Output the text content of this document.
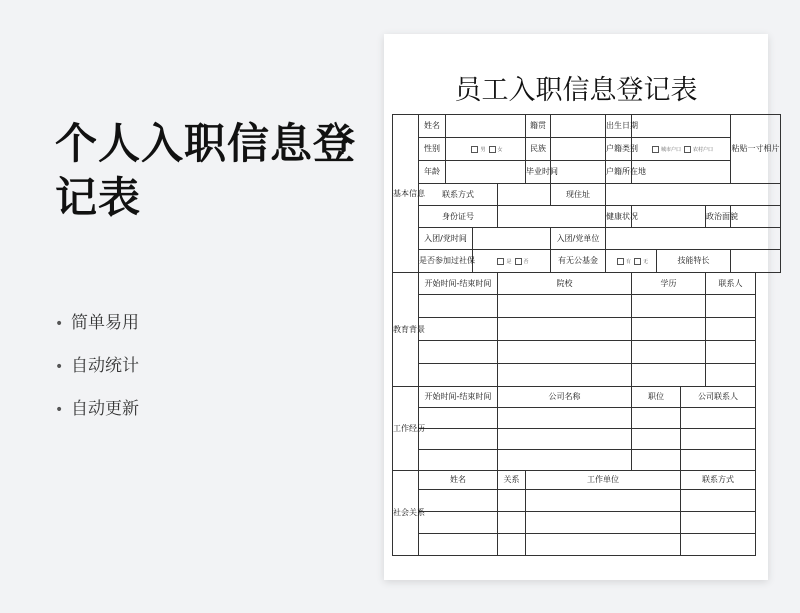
个人入职信息登记表
• 简单易用
• 自动统计
• 自动更新
员工入职信息登记表
基本信息	姓名				籍贯		出生日期					粘贴一寸相片
	性别	男 女			民族		户籍类别	城市户口 农村户口				
	年龄				毕业时间		户籍所在地					
	联系方式					现住址						
	身份证号						健康状况				政治面貌	
	入团/党时间					入团/党单位						
	是否参加过社保		是 否			有无公基金	有 无		技能特长			
教育背景	开始时间-结束时间			院校				学历			联系人	

工作经历	开始时间-结束时间			公司名称				职位		公司联系人		

社会关系	姓名			关系	工作单位					联系方式		
